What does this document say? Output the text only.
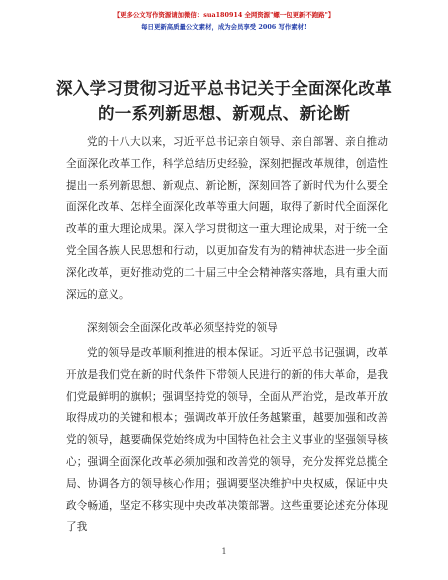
【更多公文写作资源请加微信：sua180914 全网资源"螺一包更新不跑路"】
每日更新高质量公文素材，成为会员享受 2006 写作素材!
深入学习贯彻习近平总书记关于全面深化改革
的一系列新思想、新观点、新论断
党的十八大以来，习近平总书记亲自领导、亲自部署、亲自推动全面深化改革工作，科学总结历史经验，深刻把握改革规律，创造性提出一系列新思想、新观点、新论断，深刻回答了新时代为什么要全面深化改革、怎样全面深化改革等重大问题，取得了新时代全面深化改革的重大理论成果。深入学习贯彻这一重大理论成果，对于统一全党全国各族人民思想和行动，以更加奋发有为的精神状态进一步全面深化改革，更好推动党的二十届三中全会精神落实落地，具有重大而深远的意义。
深刻领会全面深化改革必须坚持党的领导
党的领导是改革顺利推进的根本保证。习近平总书记强调，改革开放是我们党在新的时代条件下带领人民进行的新的伟大革命，是我们党最鲜明的旗帜；强调坚持党的领导，全面从严治党，是改革开放取得成功的关键和根本；强调改革开放任务越繁重，越要加强和改善党的领导，越要确保党始终成为中国特色社会主义事业的坚强领导核心；强调全面深化改革必须加强和改善党的领导，充分发挥党总揽全局、协调各方的领导核心作用；强调要坚决维护中央权威，保证中央政令畅通，坚定不移实现中央改革决策部署。这些重要论述充分体现了我
1
